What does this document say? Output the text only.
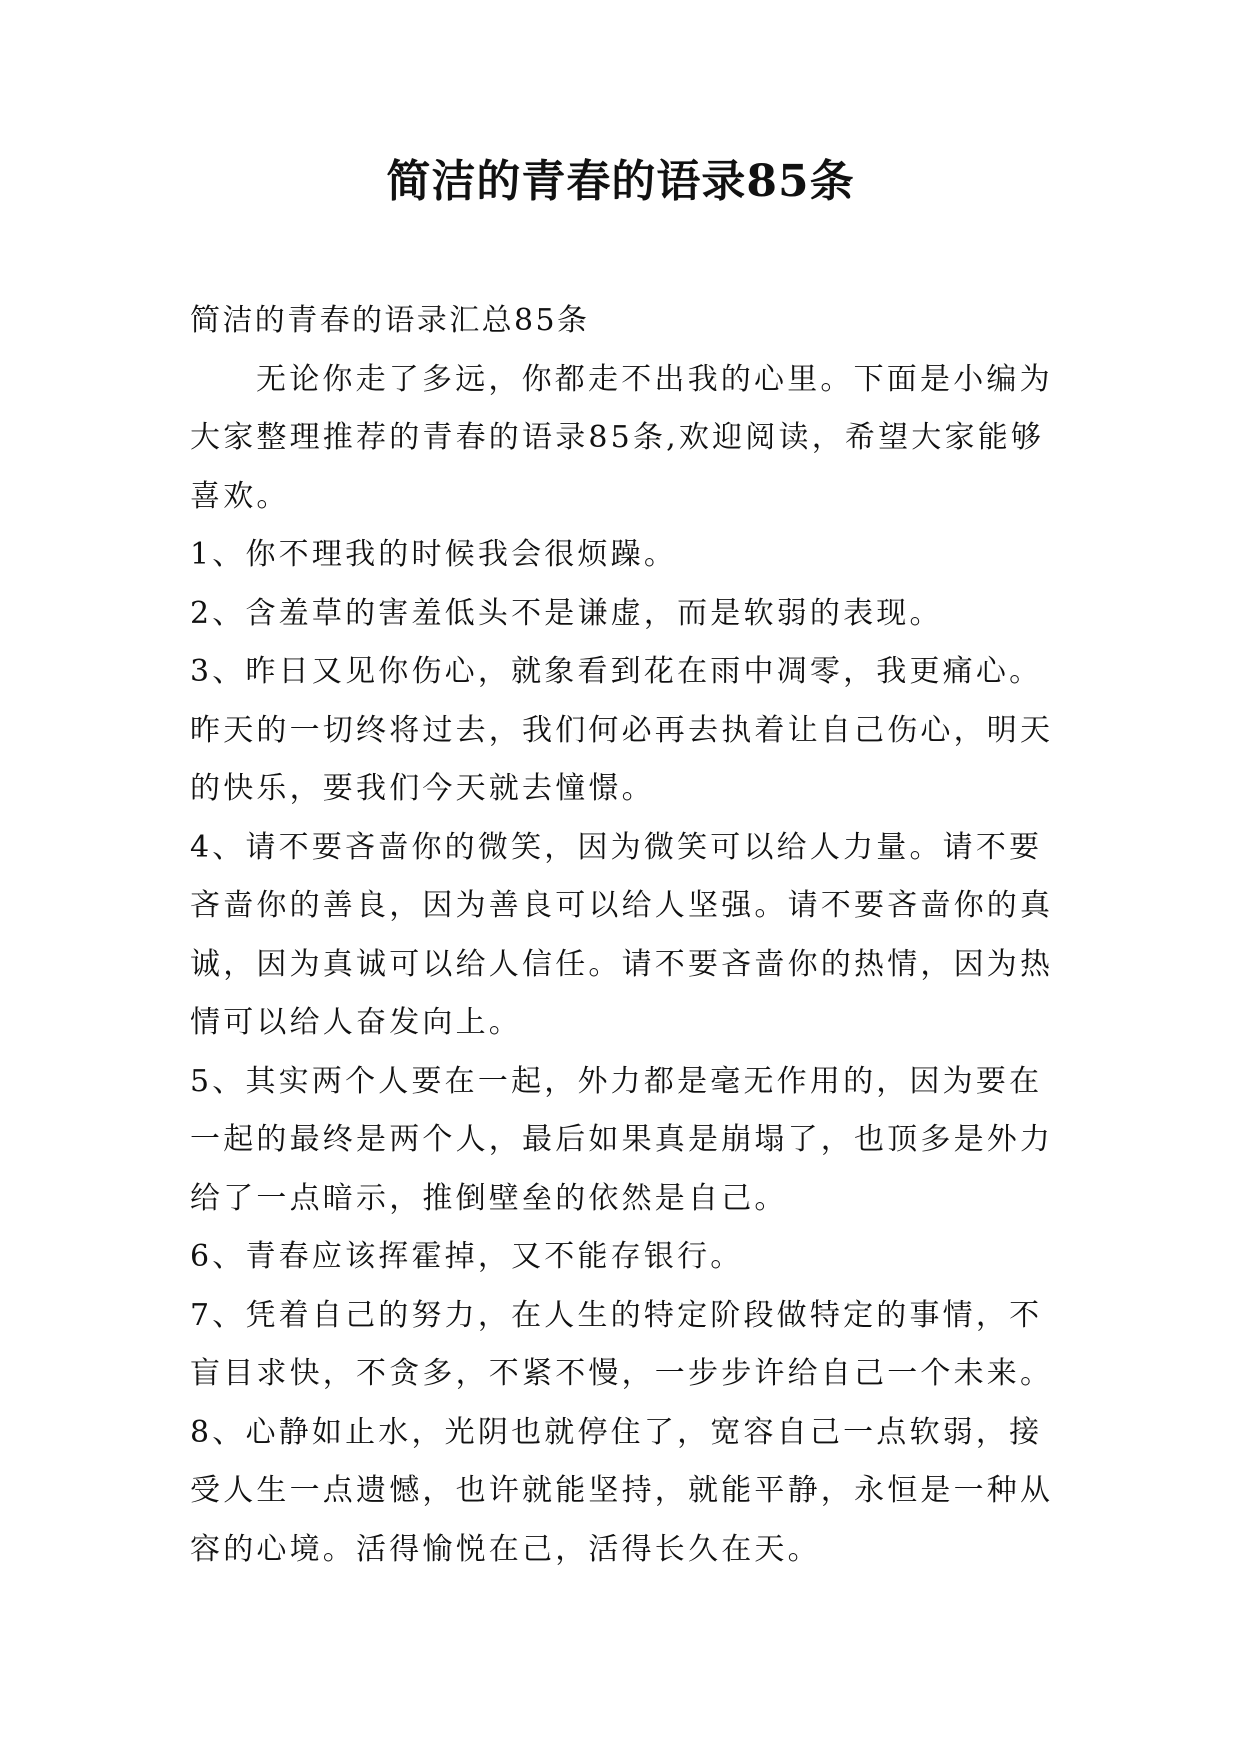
简洁的青春的语录85条

简洁的青春的语录汇总85条

无论你走了多远，你都走不出我的心里。下面是小编为大家整理推荐的青春的语录85条,欢迎阅读，希望大家能够喜欢。

1、你不理我的时候我会很烦躁。

2、含羞草的害羞低头不是谦虚，而是软弱的表现。

3、昨日又见你伤心，就象看到花在雨中凋零，我更痛心。昨天的一切终将过去，我们何必再去执着让自己伤心，明天的快乐，要我们今天就去憧憬。

4、请不要吝啬你的微笑，因为微笑可以给人力量。请不要吝啬你的善良，因为善良可以给人坚强。请不要吝啬你的真诚，因为真诚可以给人信任。请不要吝啬你的热情，因为热情可以给人奋发向上。

5、其实两个人要在一起，外力都是毫无作用的，因为要在一起的最终是两个人，最后如果真是崩塌了，也顶多是外力给了一点暗示，推倒壁垒的依然是自己。

6、青春应该挥霍掉，又不能存银行。

7、凭着自己的努力，在人生的特定阶段做特定的事情，不盲目求快，不贪多，不紧不慢，一步步许给自己一个未来。

8、心静如止水，光阴也就停住了，宽容自己一点软弱，接受人生一点遗憾，也许就能坚持，就能平静，永恒是一种从容的心境。活得愉悦在己，活得长久在天。
